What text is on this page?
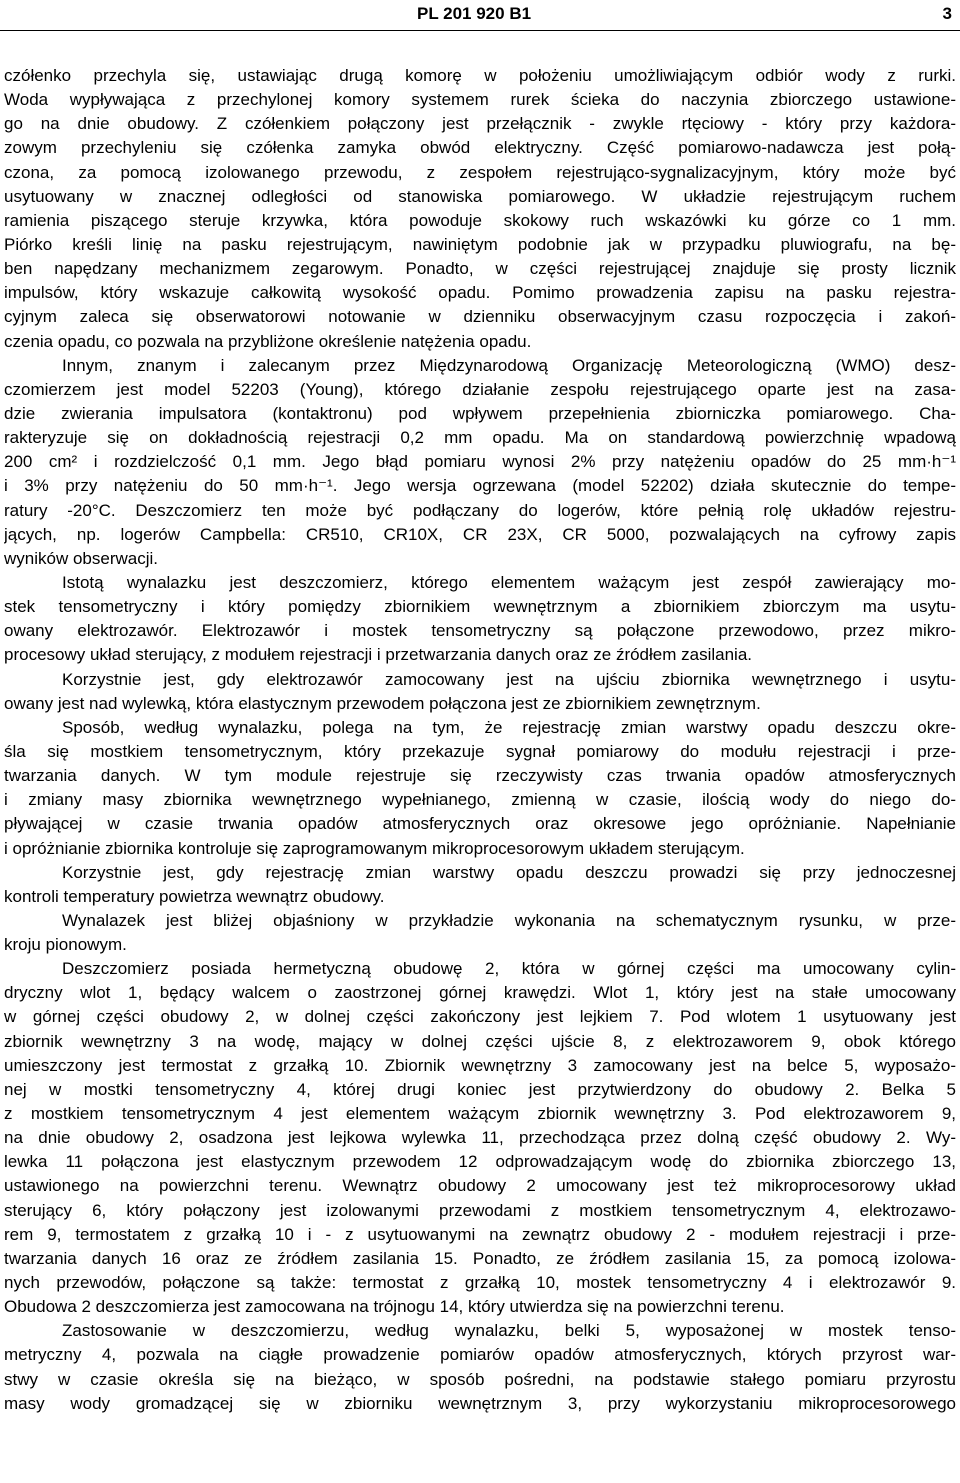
PL 201 920 B1	3
czółenko przechyla się, ustawiając drugą komorę w położeniu umożliwiającym odbiór wody z rurki.
Woda wypływająca z przechylonej komory systemem rurek ścieka do naczynia zbiorczego ustawione-
go na dnie obudowy. Z czółenkiem połączony jest przełącznik - zwykle rtęciowy - który przy każdora-
zowym przechyleniu się czółenka zamyka obwód elektryczny. Część pomiarowo-nadawcza jest połą-
czona, za pomocą izolowanego przewodu, z zespołem rejestrująco-sygnalizacyjnym, który może być
usytuowany w znacznej odległości od stanowiska pomiarowego. W układzie rejestrującym ruchem
ramienia piszącego steruje krzywka, która powoduje skokowy ruch wskazówki ku górze co 1 mm.
Piórko kreśli linię na pasku rejestrującym, nawiniętym podobnie jak w przypadku pluwiografu, na bę-
ben napędzany mechanizmem zegarowym. Ponadto, w części rejestrującej znajduje się prosty licznik
impulsów, który wskazuje całkowitą wysokość opadu. Pomimo prowadzenia zapisu na pasku rejestra-
cyjnym zaleca się obserwatorowi notowanie w dzienniku obserwacyjnym czasu rozpoczęcia i zakoń-
czenia opadu, co pozwala na przybliżone określenie natężenia opadu.
Innym, znanym i zalecanym przez Międzynarodową Organizację Meteorologiczną (WMO) desz-
czomierzem jest model 52203 (Young), którego działanie zespołu rejestrującego oparte jest na zasa-
dzie zwierania impulsatora (kontaktronu) pod wpływem przepełnienia zbiorniczka pomiarowego. Cha-
rakteryzuje się on dokładnością rejestracji 0,2 mm opadu. Ma on standardową powierzchnię wpadową
200 cm² i rozdzielczość 0,1 mm. Jego błąd pomiaru wynosi 2% przy natężeniu opadów do 25 mm·h⁻¹
i 3% przy natężeniu do 50 mm·h⁻¹. Jego wersja ogrzewana (model 52202) działa skutecznie do tempe-
ratury -20°C. Deszczomierz ten może być podłączany do logerów, które pełnią rolę układów rejestru-
jących, np. logerów Campbella: CR510, CR10X, CR 23X, CR 5000, pozwalających na cyfrowy zapis
wyników obserwacji.
Istotą wynalazku jest deszczomierz, którego elementem ważącym jest zespół zawierający mo-
stek tensometryczny i który pomiędzy zbiornikiem wewnętrznym a zbiornikiem zbiorczym ma usytu-
owany elektrozawór. Elektrozawór i mostek tensometryczny są połączone przewodowo, przez mikro-
procesowy układ sterujący, z modułem rejestracji i przetwarzania danych oraz ze źródłem zasilania.
Korzystnie jest, gdy elektrozawór zamocowany jest na ujściu zbiornika wewnętrznego i usytu-
owany jest nad wylewką, która elastycznym przewodem połączona jest ze zbiornikiem zewnętrznym.
Sposób, według wynalazku, polega na tym, że rejestrację zmian warstwy opadu deszczu okre-
śla się mostkiem tensometrycznym, który przekazuje sygnał pomiarowy do modułu rejestracji i prze-
twarzania danych. W tym module rejestruje się rzeczywisty czas trwania opadów atmosferycznych
i zmiany masy zbiornika wewnętrznego wypełnianego, zmienną w czasie, ilością wody do niego do-
pływającej w czasie trwania opadów atmosferycznych oraz okresowe jego opróżnianie. Napełnianie
i opróżnianie zbiornika kontroluje się zaprogramowanym mikroprocesorowym układem sterującym.
Korzystnie jest, gdy rejestrację zmian warstwy opadu deszczu prowadzi się przy jednoczesnej
kontroli temperatury powietrza wewnątrz obudowy.
Wynalazek jest bliżej objaśniony w przykładzie wykonania na schematycznym rysunku, w prze-
kroju pionowym.
Deszczomierz posiada hermetyczną obudowę 2, która w górnej części ma umocowany cylin-
dryczny wlot 1, będący walcem o zaostrzonej górnej krawędzi. Wlot 1, który jest na stałe umocowany
w górnej części obudowy 2, w dolnej części zakończony jest lejkiem 7. Pod wlotem 1 usytuowany jest
zbiornik wewnętrzny 3 na wodę, mający w dolnej części ujście 8, z elektrozaworem 9, obok którego
umieszczony jest termostat z grzałką 10. Zbiornik wewnętrzny 3 zamocowany jest na belce 5, wyposażo-
nej w mostki tensometryczny 4, której drugi koniec jest przytwierdzony do obudowy 2. Belka 5
z mostkiem tensometrycznym 4 jest elementem ważącym zbiornik wewnętrzny 3. Pod elektrozaworem 9,
na dnie obudowy 2, osadzona jest lejkowa wylewka 11, przechodząca przez dolną część obudowy 2. Wy-
lewka 11 połączona jest elastycznym przewodem 12 odprowadzającym wodę do zbiornika zbiorczego 13,
ustawionego na powierzchni terenu. Wewnątrz obudowy 2 umocowany jest też mikroprocesorowy układ
sterujący 6, który połączony jest izolowanymi przewodami z mostkiem tensometrycznym 4, elektrozawo-
rem 9, termostatem z grzałką 10 i - z usytuowanymi na zewnątrz obudowy 2 - modułem rejestracji i prze-
twarzania danych 16 oraz ze źródłem zasilania 15. Ponadto, ze źródłem zasilania 15, za pomocą izolowa-
nych przewodów, połączone są także: termostat z grzałką 10, mostek tensometryczny 4 i elektrozawór 9.
Obudowa 2 deszczomierza jest zamocowana na trójnogu 14, który utwierdza się na powierzchni terenu.
Zastosowanie w deszczomierzu, według wynalazku, belki 5, wyposażonej w mostek tenso-
metryczny 4, pozwala na ciągłe prowadzenie pomiarów opadów atmosferycznych, których przyrost war-
stwy w czasie określa się na bieżąco, w sposób pośredni, na podstawie stałego pomiaru przyrostu
masy wody gromadzącej się w zbiorniku wewnętrznym 3, przy wykorzystaniu mikroprocesorowego
